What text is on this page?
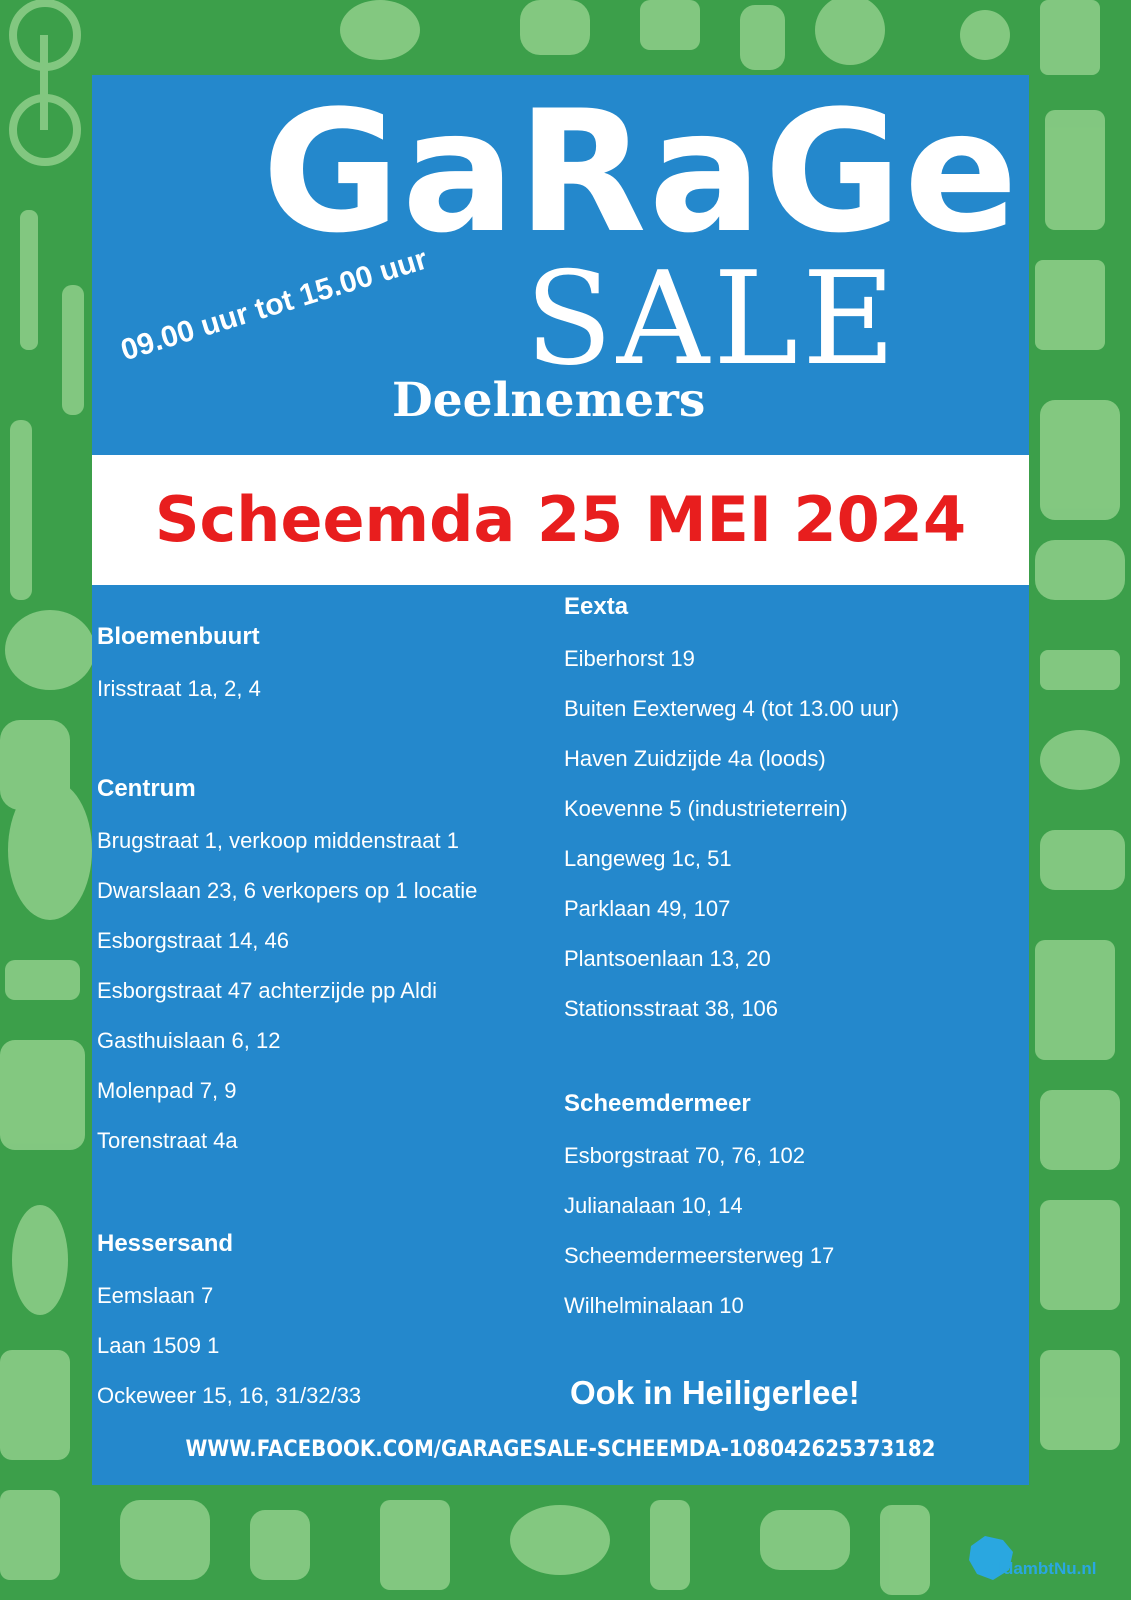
GaRaGe
SALE
Deelnemers
09.00 uur tot 15.00 uur
Scheemda 25 MEI 2024
Bloemenbuurt
Irisstraat 1a, 2, 4
Centrum
Brugstraat 1, verkoop middenstraat 1
Dwarslaan 23, 6 verkopers op 1 locatie
Esborgstraat 14, 46
Esborgstraat 47 achterzijde pp Aldi
Gasthuislaan 6, 12
Molenpad 7, 9
Torenstraat 4a
Hessersand
Eemslaan 7
Laan 1509 1
Ockeweer 15, 16, 31/32/33
Eexta
Eiberhorst 19
Buiten Eexterweg 4 (tot 13.00 uur)
Haven Zuidzijde 4a (loods)
Koevenne 5 (industrieterrein)
Langeweg 1c, 51
Parklaan 49, 107
Plantsoenlaan 13, 20
Stationsstraat 38, 106
Scheemdermeer
Esborgstraat 70, 76, 102
Julianalaan 10, 14
Scheemdermeersterweg 17
Wilhelminalaan 10
Ook in Heiligerlee!
WWW.FACEBOOK.COM/GARAGESALE-SCHEEMDA-108042625373182
OldambtNu.nl
